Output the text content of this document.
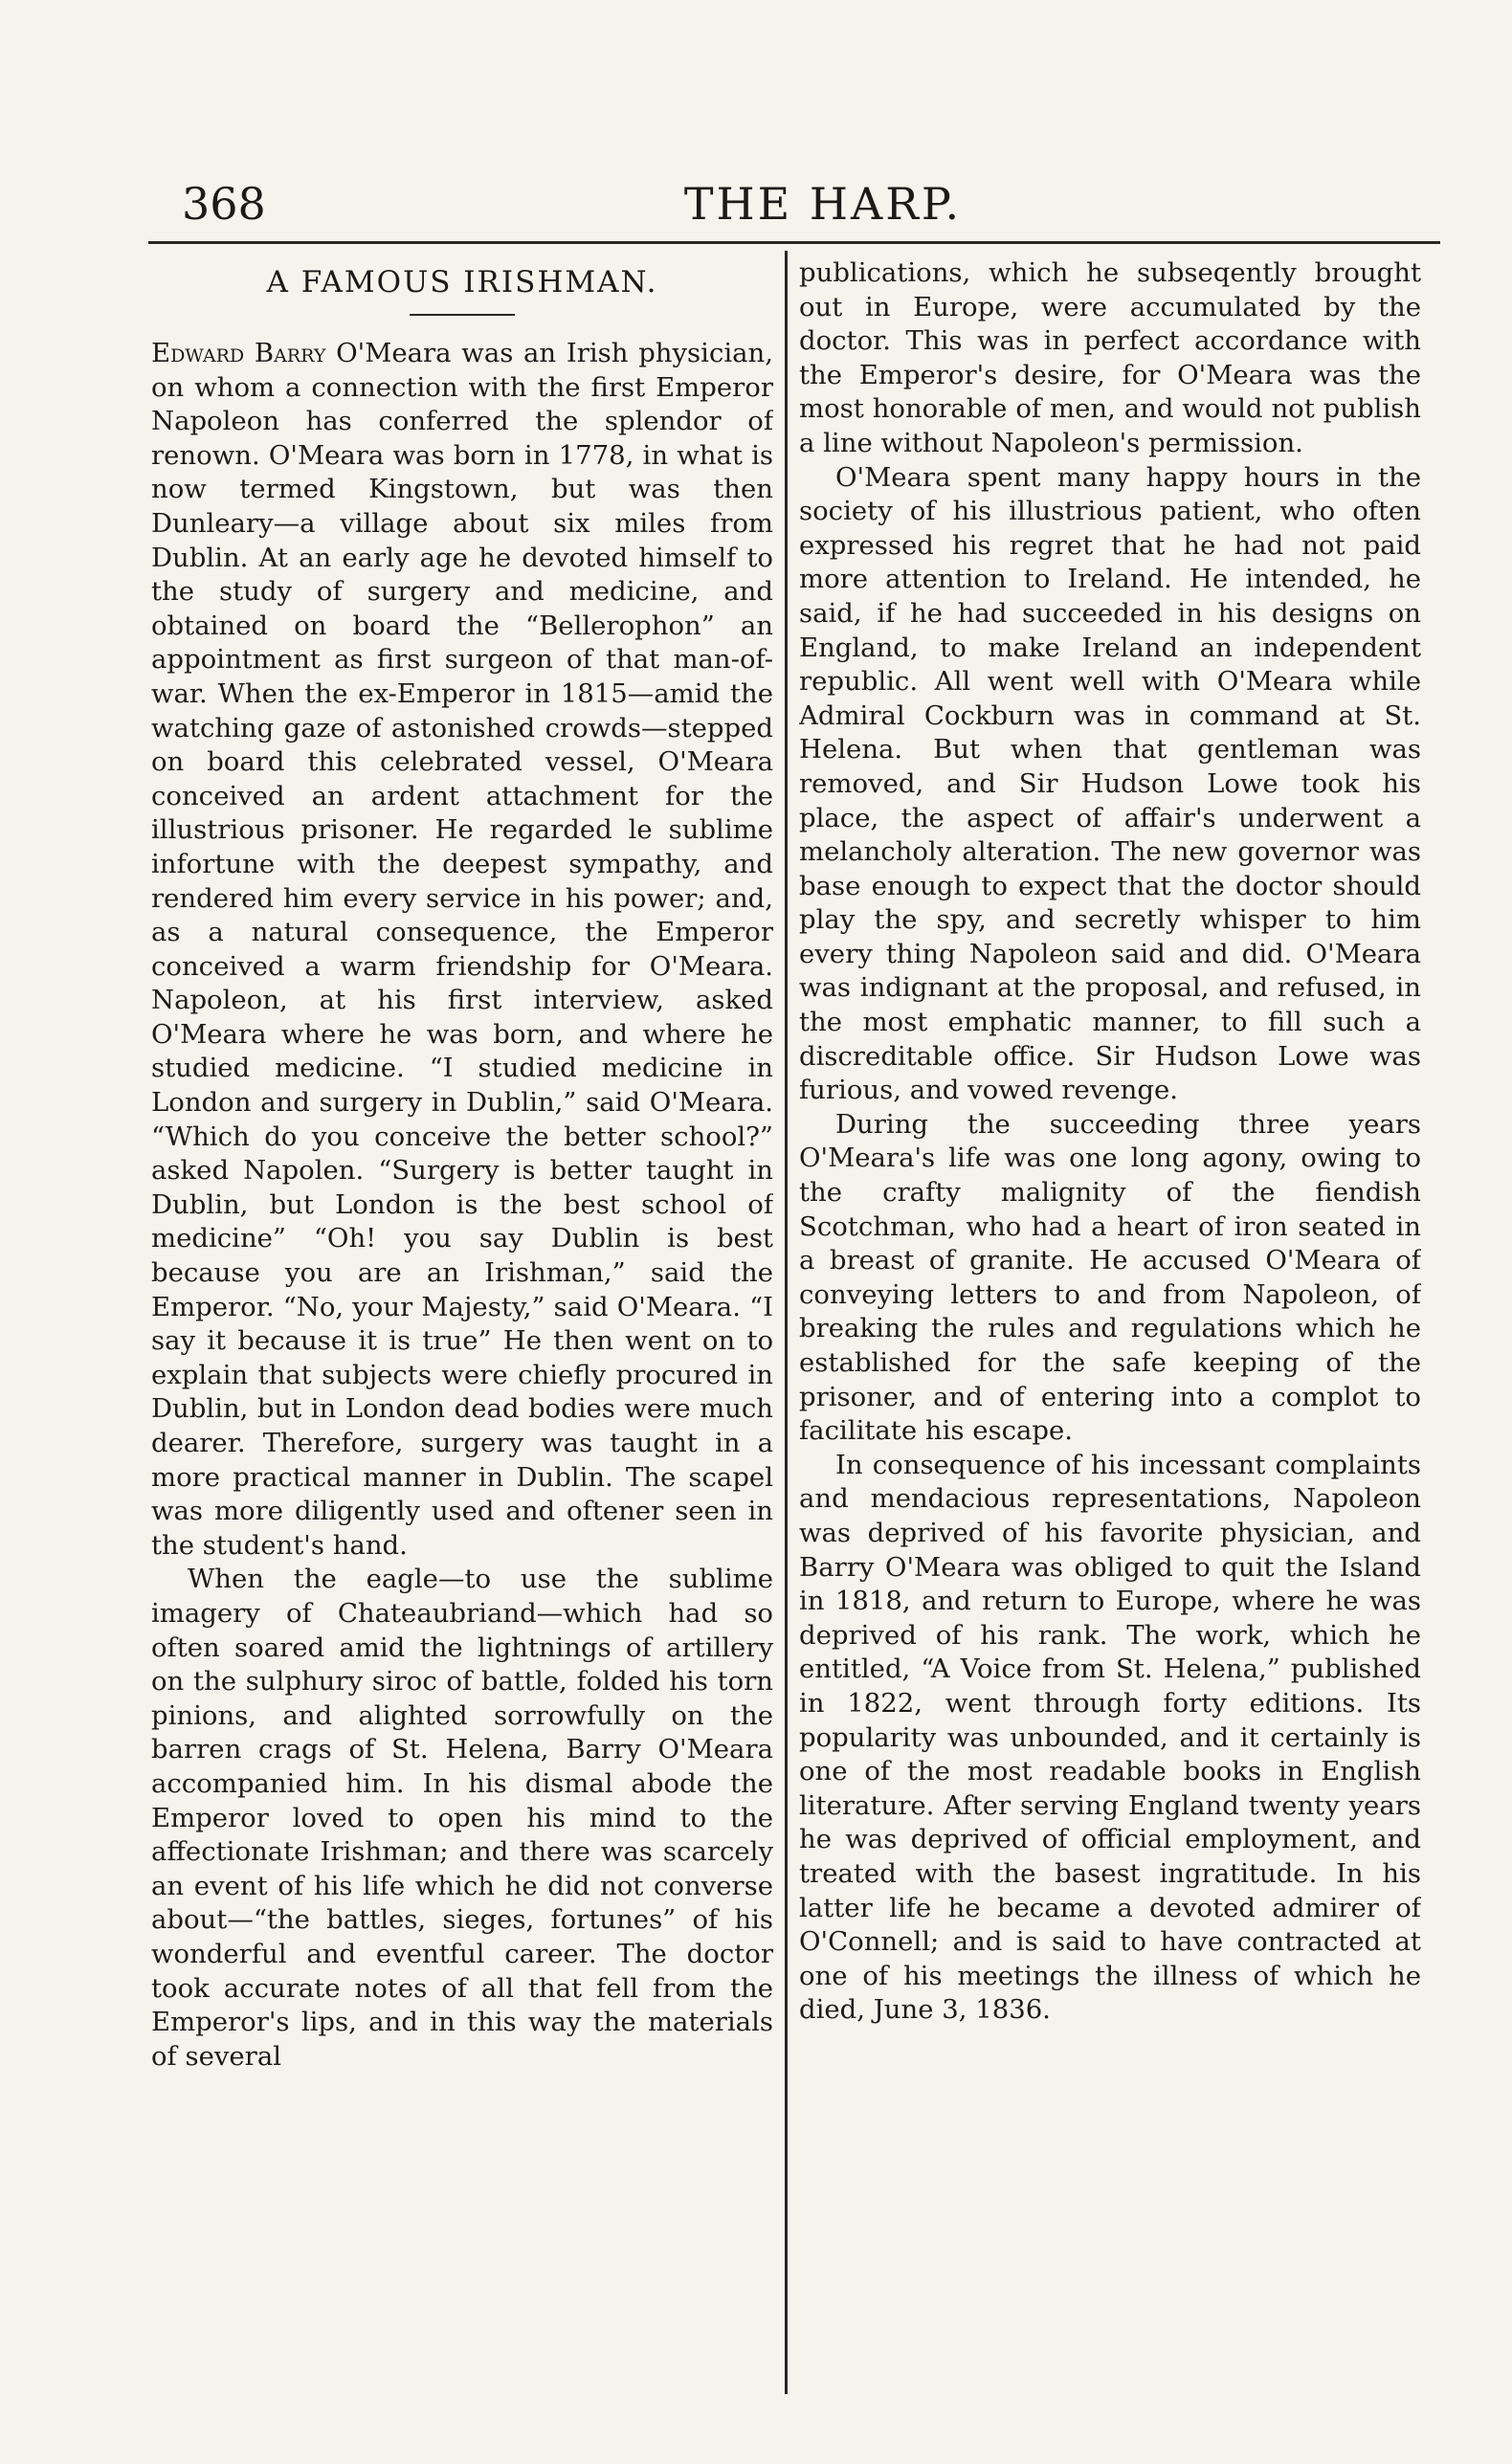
368	THE HARP.
A FAMOUS IRISHMAN.

Edward Barry O'Meara was an Irish physician, on whom a connection with the first Emperor Napoleon has conferred the splendor of renown. O'Meara was born in 1778, in what is now termed Kingstown, but was then Dunleary—a village about six miles from Dublin. At an early age he devoted himself to the study of surgery and medicine, and obtained on board the “Bellerophon” an appointment as first surgeon of that man-of-war. When the ex-Emperor in 1815—amid the watching gaze of astonished crowds—stepped on board this celebrated vessel, O'Meara conceived an ardent attachment for the illustrious prisoner. He regarded le sublime infortune with the deepest sympathy, and rendered him every service in his power; and, as a natural consequence, the Emperor conceived a warm friendship for O'Meara. Napoleon, at his first interview, asked O'Meara where he was born, and where he studied medicine. “I studied medicine in London and surgery in Dublin,” said O'Meara. “Which do you conceive the better school?” asked Napolen. “Surgery is better taught in Dublin, but London is the best school of medicine” “Oh! you say Dublin is best because you are an Irishman,” said the Emperor. “No, your Majesty,” said O'Meara. “I say it because it is true” He then went on to explain that subjects were chiefly procured in Dublin, but in London dead bodies were much dearer. Therefore, surgery was taught in a more practical manner in Dublin. The scapel was more diligently used and oftener seen in the student's hand.

When the eagle—to use the sublime imagery of Chateaubriand—which had so often soared amid the lightnings of artillery on the sulphury siroc of battle, folded his torn pinions, and alighted sorrowfully on the barren crags of St. Helena, Barry O'Meara accompanied him. In his dismal abode the Emperor loved to open his mind to the affectionate Irishman; and there was scarcely an event of his life which he did not converse about—“the battles, sieges, fortunes” of his wonderful and eventful career. The doctor took accurate notes of all that fell from the Emperor's lips, and in this way the materials of several

publications, which he subseqently brought out in Europe, were accumulated by the doctor. This was in perfect accordance with the Emperor's desire, for O'Meara was the most honorable of men, and would not publish a line without Napoleon's permission.

O'Meara spent many happy hours in the society of his illustrious patient, who often expressed his regret that he had not paid more attention to Ireland. He intended, he said, if he had succeeded in his designs on England, to make Ireland an independent republic. All went well with O'Meara while Admiral Cockburn was in command at St. Helena. But when that gentleman was removed, and Sir Hudson Lowe took his place, the aspect of affair's underwent a melancholy alteration. The new governor was base enough to expect that the doctor should play the spy, and secretly whisper to him every thing Napoleon said and did. O'Meara was indignant at the proposal, and refused, in the most emphatic manner, to fill such a discreditable office. Sir Hudson Lowe was furious, and vowed revenge.

During the succeeding three years O'Meara's life was one long agony, owing to the crafty malignity of the fiendish Scotchman, who had a heart of iron seated in a breast of granite. He accused O'Meara of conveying letters to and from Napoleon, of breaking the rules and regulations which he established for the safe keeping of the prisoner, and of entering into a complot to facilitate his escape.

In consequence of his incessant complaints and mendacious representations, Napoleon was deprived of his favorite physician, and Barry O'Meara was obliged to quit the Island in 1818, and return to Europe, where he was deprived of his rank. The work, which he entitled, “A Voice from St. Helena,” published in 1822, went through forty editions. Its popularity was unbounded, and it certainly is one of the most readable books in English literature. After serving England twenty years he was deprived of official employment, and treated with the basest ingratitude. In his latter life he became a devoted admirer of O'Connell; and is said to have contracted at one of his meetings the illness of which he died, June 3, 1836.
